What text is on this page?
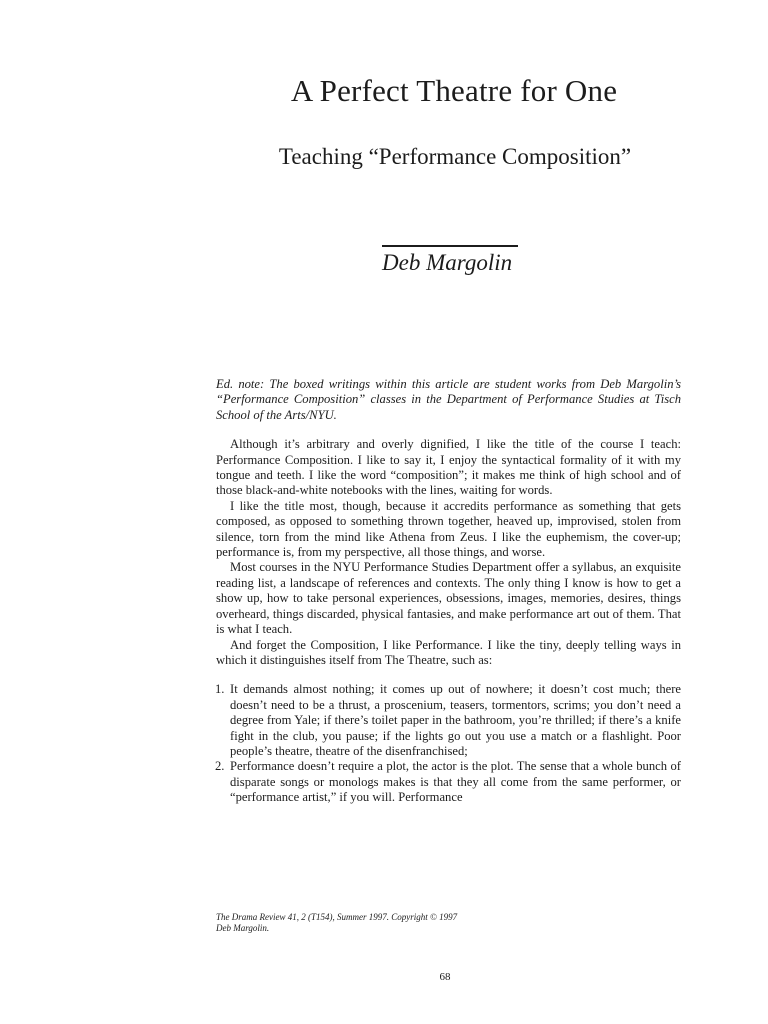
A Perfect Theatre for One
Teaching “Performance Composition”
Deb Margolin

Ed. note: The boxed writings within this article are student works from Deb Margolin’s “Performance Composition” classes in the Department of Performance Studies at Tisch School of the Arts/NYU.

Although it’s arbitrary and overly dignified, I like the title of the course I teach: Performance Composition. I like to say it, I enjoy the syntactical formality of it with my tongue and teeth. I like the word “composition”; it makes me think of high school and of those black-and-white notebooks with the lines, waiting for words.

I like the title most, though, because it accredits performance as something that gets composed, as opposed to something thrown together, heaved up, improvised, stolen from silence, torn from the mind like Athena from Zeus. I like the euphemism, the cover-up; performance is, from my perspective, all those things, and worse.

Most courses in the NYU Performance Studies Department offer a syllabus, an exquisite reading list, a landscape of references and contexts. The only thing I know is how to get a show up, how to take personal experiences, obsessions, images, memories, desires, things overheard, things discarded, physical fantasies, and make performance art out of them. That is what I teach.

And forget the Composition, I like Performance. I like the tiny, deeply telling ways in which it distinguishes itself from The Theatre, such as:

1. It demands almost nothing; it comes up out of nowhere; it doesn’t cost much; there doesn’t need to be a thrust, a proscenium, teasers, tormentors, scrims; you don’t need a degree from Yale; if there’s toilet paper in the bathroom, you’re thrilled; if there’s a knife fight in the club, you pause; if the lights go out you use a match or a flashlight. Poor people’s theatre, theatre of the disenfranchised;
2. Performance doesn’t require a plot, the actor is the plot. The sense that a whole bunch of disparate songs or monologs makes is that they all come from the same performer, or “performance artist,” if you will. Performance
The Drama Review 41, 2 (T154), Summer 1997. Copyright © 1997
Deb Margolin.
68
